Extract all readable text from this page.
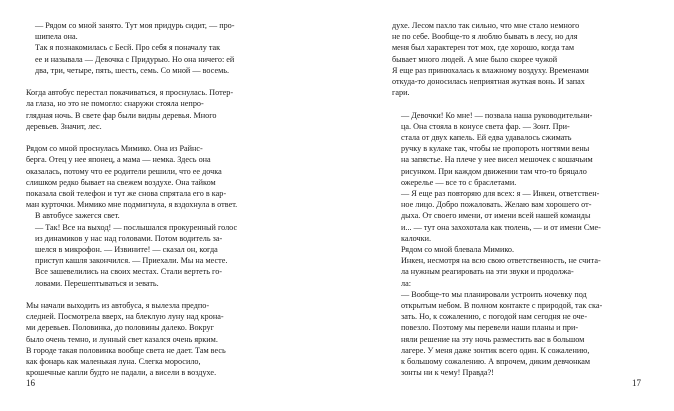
— Рядом со мной занято. Тут моя придурь сидит, — про-
шипела она.

Так я познакомилась с Бесй. Про себя я поначалу так
ее и называла — Девочка с Придурью. Но она ничего: ей
два, три, четыре, пять, шесть, семь. Со мной — восемь.

Когда автобус перестал покачиваться, я проснулась. Потер-
ла глаза, но это не помогло: снаружи стояла непро-
глядная ночь. В свете фар были видны деревья. Много
деревьев. Значит, лес.

Рядом со мной проснулась Мимико. Она из Райнс-
берга. Отец у нее японец, а мама — немка. Здесь она
оказалась, потому что ее родители решили, что ее дочка
слишком редко бывает на свежем воздухе. Она тайком
показала свой телефон и тут же снова спрятала его в кар-
ман курточки. Мимико мне подмигнула, я вздохнула в ответ.

В автобусе зажегся свет.

— Так! Все на выход! — послышался прокуренный голос
из динамиков у нас над головами. Потом водитель за-
шелся в микрофон. — Извините! — сказал он, когда
приступ кашля закончился. — Приехали. Мы на месте.

Все зашевелились на своих местах. Стали вертеть го-
ловами. Перешептываться и зевать.

Мы начали выходить из автобуса, я вылезла предпо-
следней. Посмотрела вверх, на блеклую луну над крона-
ми деревьев. Половинка, до половины далеко. Вокруг
было очень темно, и лунный свет казался очень ярким.
В городе такая половинка вообще света не дает. Там весь
как фонарь как маленькая луна. Слегка моросило,
крошечные капли будто не падали, а висели в воздухе.

духе. Лесом пахло так сильно, что мне стало немного
не по себе. Вообще-то я люблю бывать в лесу, но для
меня был характерен тот мох, где хорошо, когда там
бывает много людей. А мне было скорее чужой
Я еще раз принюхалась к влажному воздуху. Временами
откуда-то доносилась неприятная жуткая вонь. И запах
гари.

— Девочки! Ко мне! — позвала наша руководительни-
ца. Она стояла в конусе света фар. — Зонт. При-
стала от двух капель. Ей едва удавалось сжимать
ручку в кулаке так, чтобы не пропороть ногтями вены
на запястье. На плече у нее висел мешочек с кошачьим
рисунком. При каждом движении там что-то бряцало
ожерелье — все то с браслетами.

— Я еще раз повторяю для всех: я — Инкен, ответствен-
ное лицо. Добро пожаловать. Желаю вам хорошего от-
дыха. От своего имени, от имени всей нашей команды
и... — тут она захохотала как тюлень, — и от имени Сме-
калочки.

Рядом со мной блевала Мимико.

Инкен, несмотря на всю свою ответственность, не счита-
ла нужным реагировать на эти звуки и продолжа-
ла:

— Вообще-то мы планировали устроить ночевку под
открытым небом. В полном контакте с природой, так ска-
зать. Но, к сожалению, с погодой нам сегодня не оче-
повезло. Поэтому мы перевели наши планы и при-
няли решение на эту ночь разместить вас в большом
лагере. У меня даже зонтик всего один. К сожалению,
к большому сожалению. А впрочем, диким девчонкам
зонты ни к чему! Правда?!

16	17
